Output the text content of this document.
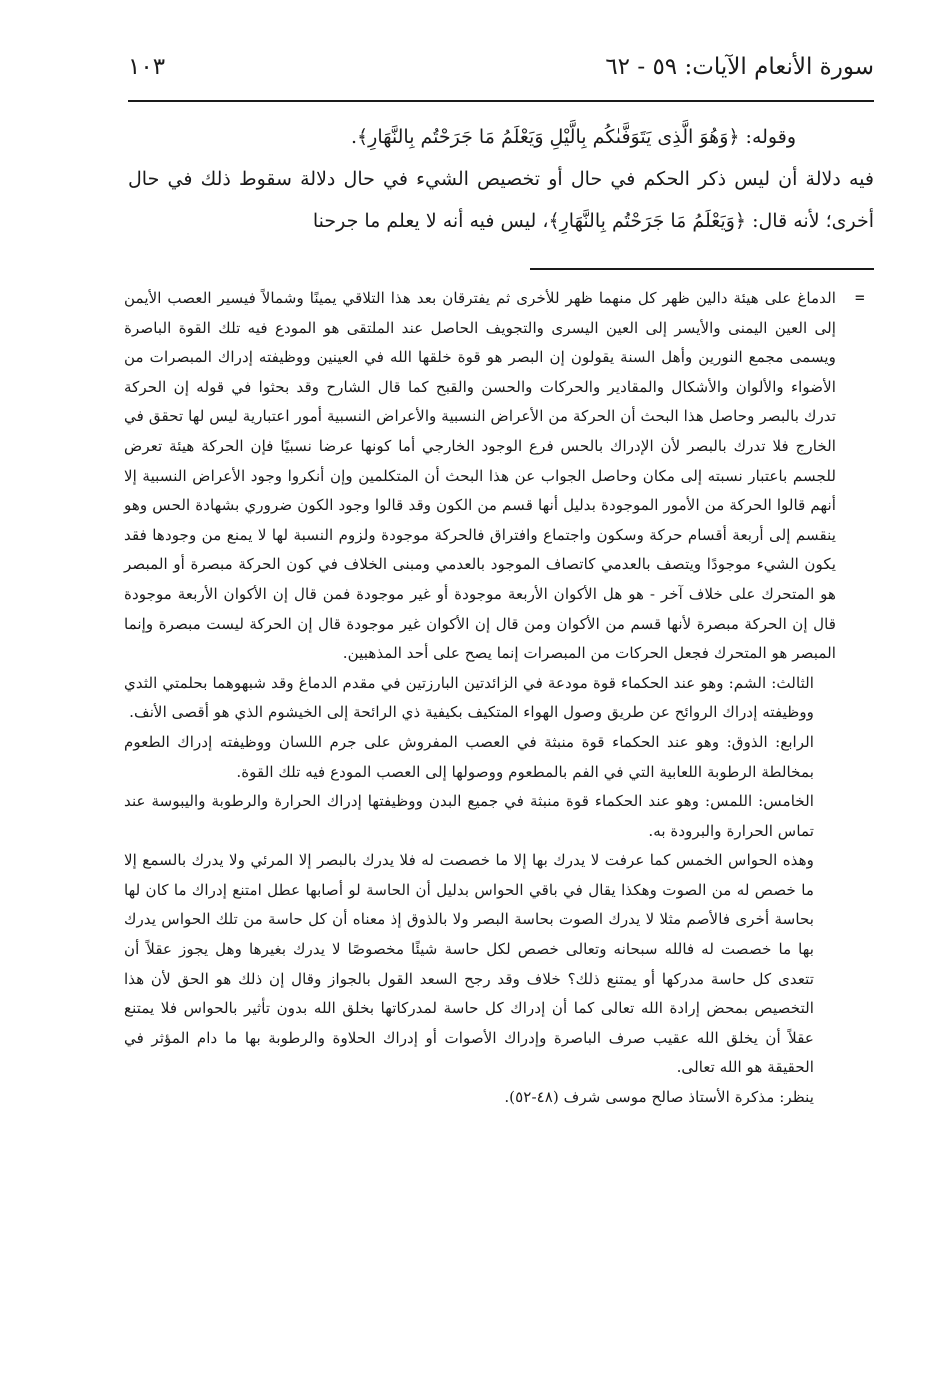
سورة الأنعام الآيات: ٥٩ - ٦٢
١٠٣

وقوله: ﴿وَهُوَ الَّذِى يَتَوَفَّىٰكُم بِالَّيْلِ وَيَعْلَمُ مَا جَرَحْتُم بِالنَّهَارِ﴾.

فيه دلالة أن ليس ذكر الحكم في حال أو تخصيص الشيء في حال دلالة سقوط ذلك في حال أخرى؛ لأنه قال: ﴿وَيَعْلَمُ مَا جَرَحْتُم بِالنَّهَارِ﴾، ليس فيه أنه لا يعلم ما جرحنا

=

الدماغ على هيئة دالين ظهر كل منهما ظهر للأخرى ثم يفترقان بعد هذا التلاقي يمينًا وشمالاً فيسير العصب الأيمن إلى العين اليمنى والأيسر إلى العين اليسرى والتجويف الحاصل عند الملتقى هو المودع فيه تلك القوة الباصرة ويسمى مجمع النورين وأهل السنة يقولون إن البصر هو قوة خلقها الله في العينين ووظيفته إدراك المبصرات من الأضواء والألوان والأشكال والمقادير والحركات والحسن والقبح كما قال الشارح وقد بحثوا في قوله إن الحركة تدرك بالبصر وحاصل هذا البحث أن الحركة من الأعراض النسبية والأعراض النسبية أمور اعتبارية ليس لها تحقق في الخارج فلا تدرك بالبصر لأن الإدراك بالحس فرع الوجود الخارجي أما كونها عرضا نسبيًا فإن الحركة هيئة تعرض للجسم باعتبار نسبته إلى مكان وحاصل الجواب عن هذا البحث أن المتكلمين وإن أنكروا وجود الأعراض النسبية إلا أنهم قالوا الحركة من الأمور الموجودة بدليل أنها قسم من الكون وقد قالوا وجود الكون ضروري بشهادة الحس وهو ينقسم إلى أربعة أقسام حركة وسكون واجتماع وافتراق فالحركة موجودة ولزوم النسبة لها لا يمنع من وجودها فقد يكون الشيء موجودًا ويتصف بالعدمي كاتصاف الموجود بالعدمي ومبنى الخلاف في كون الحركة مبصرة أو المبصر هو المتحرك على خلاف آخر - هو هل الأكوان الأربعة موجودة أو غير موجودة فمن قال إن الأكوان الأربعة موجودة قال إن الحركة مبصرة لأنها قسم من الأكوان ومن قال إن الأكوان غير موجودة قال إن الحركة ليست مبصرة وإنما المبصر هو المتحرك فجعل الحركات من المبصرات إنما يصح على أحد المذهبين.

الثالث: الشم: وهو عند الحكماء قوة مودعة في الزائدتين البارزتين في مقدم الدماغ وقد شبهوهما بحلمتي الثدي ووظيفته إدراك الروائح عن طريق وصول الهواء المتكيف بكيفية ذي الرائحة إلى الخيشوم الذي هو أقصى الأنف.

الرابع: الذوق: وهو عند الحكماء قوة منبثة في العصب المفروش على جرم اللسان ووظيفته إدراك الطعوم بمخالطة الرطوبة اللعابية التي في الفم بالمطعوم ووصولها إلى العصب المودع فيه تلك القوة.

الخامس: اللمس: وهو عند الحكماء قوة منبثة في جميع البدن ووظيفتها إدراك الحرارة والرطوبة واليبوسة عند تماس الحرارة والبرودة به.

وهذه الحواس الخمس كما عرفت لا يدرك بها إلا ما خصصت له فلا يدرك بالبصر إلا المرئي ولا يدرك بالسمع إلا ما خصص له من الصوت وهكذا يقال في باقي الحواس بدليل أن الحاسة لو أصابها عطل امتنع إدراك ما كان لها بحاسة أخرى فالأصم مثلا لا يدرك الصوت بحاسة البصر ولا بالذوق إذ معناه أن كل حاسة من تلك الحواس يدرك بها ما خصصت له فالله سبحانه وتعالى خصص لكل حاسة شيئًا مخصوصًا لا يدرك بغيرها وهل يجوز عقلاً أن تتعدى كل حاسة مدركها أو يمتنع ذلك؟ خلاف وقد رجح السعد القول بالجواز وقال إن ذلك هو الحق لأن هذا التخصيص بمحض إرادة الله تعالى كما أن إدراك كل حاسة لمدركاتها بخلق الله بدون تأثير بالحواس فلا يمتنع عقلاً أن يخلق الله عقيب صرف الباصرة وإدراك الأصوات أو إدراك الحلاوة والرطوبة بها ما دام المؤثر في الحقيقة هو الله تعالى.

ينظر: مذكرة الأستاذ صالح موسى شرف (٤٨-٥٢).
